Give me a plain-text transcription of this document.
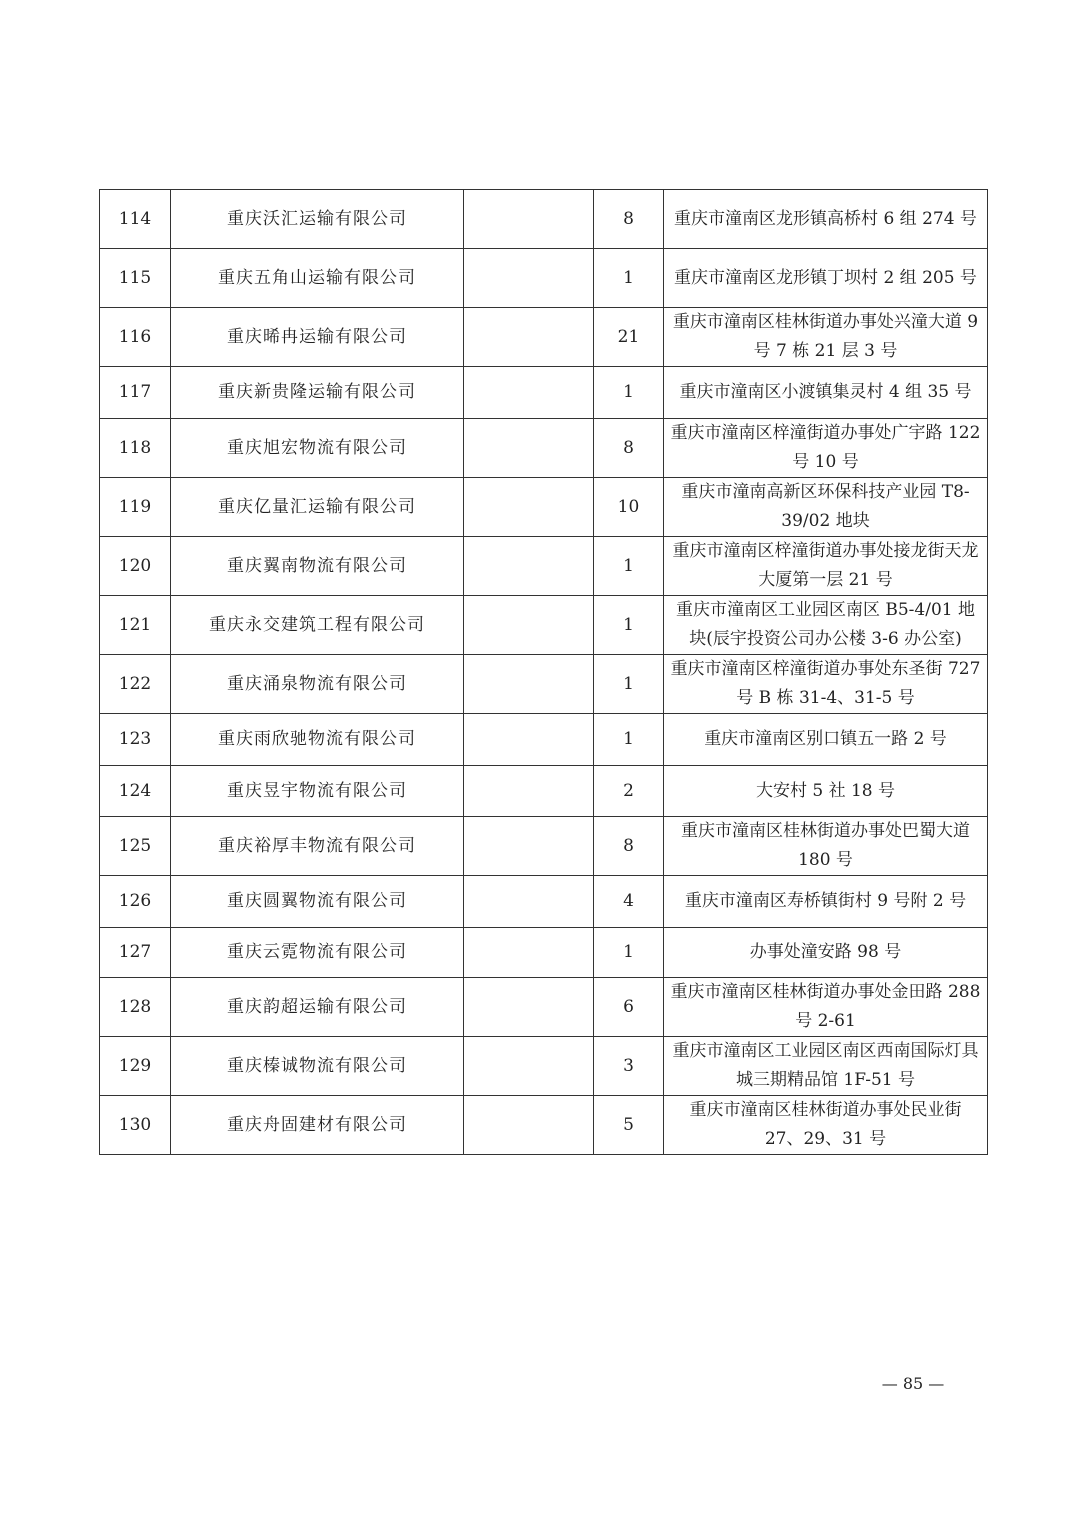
114	重庆沃汇运输有限公司		8	重庆市潼南区龙形镇高桥村 6 组 274 号
115	重庆五角山运输有限公司		1	重庆市潼南区龙形镇丁坝村 2 组 205 号
116	重庆晞冉运输有限公司		21	重庆市潼南区桂林街道办事处兴潼大道 9 号 7 栋 21 层 3 号
117	重庆新贵隆运输有限公司		1	重庆市潼南区小渡镇集灵村 4 组 35 号
118	重庆旭宏物流有限公司		8	重庆市潼南区梓潼街道办事处广宇路 122 号 10 号
119	重庆亿量汇运输有限公司		10	重庆市潼南高新区环保科技产业园 T8-39/02 地块
120	重庆翼南物流有限公司		1	重庆市潼南区梓潼街道办事处接龙街天龙大厦第一层 21 号
121	重庆永交建筑工程有限公司		1	重庆市潼南区工业园区南区 B5-4/01 地块(辰宇投资公司办公楼 3-6 办公室)
122	重庆涌泉物流有限公司		1	重庆市潼南区梓潼街道办事处东圣街 727 号 B 栋 31-4、31-5 号
123	重庆雨欣驰物流有限公司		1	重庆市潼南区别口镇五一路 2 号
124	重庆昱宇物流有限公司		2	大安村 5 社 18 号
125	重庆裕厚丰物流有限公司		8	重庆市潼南区桂林街道办事处巴蜀大道 180 号
126	重庆圆翼物流有限公司		4	重庆市潼南区寿桥镇街村 9 号附 2 号
127	重庆云霓物流有限公司		1	办事处潼安路 98 号
128	重庆韵超运输有限公司		6	重庆市潼南区桂林街道办事处金田路 288 号 2-61
129	重庆榛诚物流有限公司		3	重庆市潼南区工业园区南区西南国际灯具城三期精品馆 1F-51 号
130	重庆舟固建材有限公司		5	重庆市潼南区桂林街道办事处民业街 27、29、31 号
— 85 —
